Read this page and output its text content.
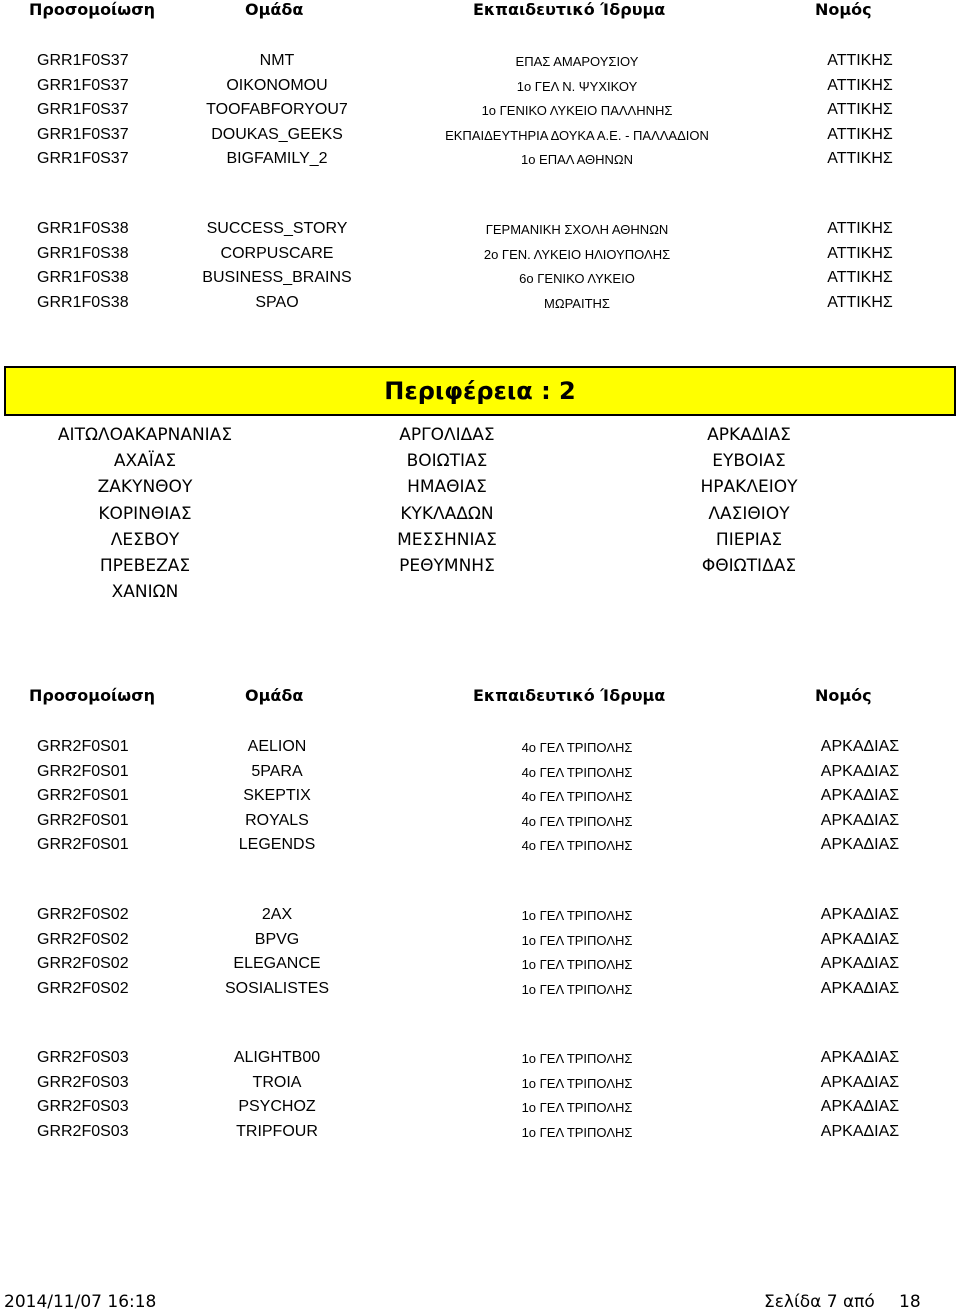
Προσομοίωση	Ομάδα	Εκπαιδευτικό Ίδρυμα	Νομός
GRR1F0S37	NMT	ΕΠΑΣ ΑΜΑΡΟΥΣΙΟΥ	ΑΤΤΙΚΗΣ
GRR1F0S37	OIKONOMOU	1ο ΓΕΛ Ν. ΨΥΧΙΚΟΥ	ΑΤΤΙΚΗΣ
GRR1F0S37	TOOFABFORYOU7	1ο ΓΕΝΙΚΟ ΛΥΚΕΙΟ ΠΑΛΛΗΝΗΣ	ΑΤΤΙΚΗΣ
GRR1F0S37	DOUKAS_GEEKS	ΕΚΠΑΙΔΕΥΤΗΡΙΑ ΔΟΥΚΑ Α.Ε. - ΠΑΛΛΑΔΙΟΝ	ΑΤΤΙΚΗΣ
GRR1F0S37	BIGFAMILY_2	1ο ΕΠΑΛ ΑΘΗΝΩΝ	ΑΤΤΙΚΗΣ
GRR1F0S38	SUCCESS_STORY	ΓΕΡΜΑΝΙΚΗ ΣΧΟΛΗ ΑΘΗΝΩΝ	ΑΤΤΙΚΗΣ
GRR1F0S38	CORPUSCARE	2ο ΓΕΝ. ΛΥΚΕΙΟ ΗΛΙΟΥΠΟΛΗΣ	ΑΤΤΙΚΗΣ
GRR1F0S38	BUSINESS_BRAINS	6ο ΓΕΝΙΚΟ ΛΥΚΕΙΟ	ΑΤΤΙΚΗΣ
GRR1F0S38	SPAO	ΜΩΡΑΙΤΗΣ	ΑΤΤΙΚΗΣ
Περιφέρεια : 2
ΑΙΤΩΛΟΑΚΑΡΝΑΝΙΑΣ	ΑΡΓΟΛΙΔΑΣ	ΑΡΚΑΔΙΑΣ
ΑΧΑΪΑΣ	ΒΟΙΩΤΙΑΣ	ΕΥΒΟΙΑΣ
ΖΑΚΥΝΘΟΥ	ΗΜΑΘΙΑΣ	ΗΡΑΚΛΕΙΟΥ
ΚΟΡΙΝΘΙΑΣ	ΚΥΚΛΑΔΩΝ	ΛΑΣΙΘΙΟΥ
ΛΕΣΒΟΥ	ΜΕΣΣΗΝΙΑΣ	ΠΙΕΡΙΑΣ
ΠΡΕΒΕΖΑΣ	ΡΕΘΥΜΝΗΣ	ΦΘΙΩΤΙΔΑΣ
ΧΑΝΙΩΝ
Προσομοίωση	Ομάδα	Εκπαιδευτικό Ίδρυμα	Νομός
GRR2F0S01	AELION	4ο ΓΕΛ ΤΡΙΠΟΛΗΣ	ΑΡΚΑΔΙΑΣ
GRR2F0S01	5PARA	4ο ΓΕΛ ΤΡΙΠΟΛΗΣ	ΑΡΚΑΔΙΑΣ
GRR2F0S01	SKEPTIX	4ο ΓΕΛ ΤΡΙΠΟΛΗΣ	ΑΡΚΑΔΙΑΣ
GRR2F0S01	ROYALS	4ο ΓΕΛ ΤΡΙΠΟΛΗΣ	ΑΡΚΑΔΙΑΣ
GRR2F0S01	LEGENDS	4ο ΓΕΛ ΤΡΙΠΟΛΗΣ	ΑΡΚΑΔΙΑΣ
GRR2F0S02	2AX	1ο ΓΕΛ ΤΡΙΠΟΛΗΣ	ΑΡΚΑΔΙΑΣ
GRR2F0S02	BPVG	1ο ΓΕΛ ΤΡΙΠΟΛΗΣ	ΑΡΚΑΔΙΑΣ
GRR2F0S02	ELEGANCE	1ο ΓΕΛ ΤΡΙΠΟΛΗΣ	ΑΡΚΑΔΙΑΣ
GRR2F0S02	SOSIALISTES	1ο ΓΕΛ ΤΡΙΠΟΛΗΣ	ΑΡΚΑΔΙΑΣ
GRR2F0S03	ALIGHTB00	1ο ΓΕΛ ΤΡΙΠΟΛΗΣ	ΑΡΚΑΔΙΑΣ
GRR2F0S03	TROIA	1ο ΓΕΛ ΤΡΙΠΟΛΗΣ	ΑΡΚΑΔΙΑΣ
GRR2F0S03	PSYCHOZ	1ο ΓΕΛ ΤΡΙΠΟΛΗΣ	ΑΡΚΑΔΙΑΣ
GRR2F0S03	TRIPFOUR	1ο ΓΕΛ ΤΡΙΠΟΛΗΣ	ΑΡΚΑΔΙΑΣ
2014/11/07 16:18	Σελίδα 7 από 18
